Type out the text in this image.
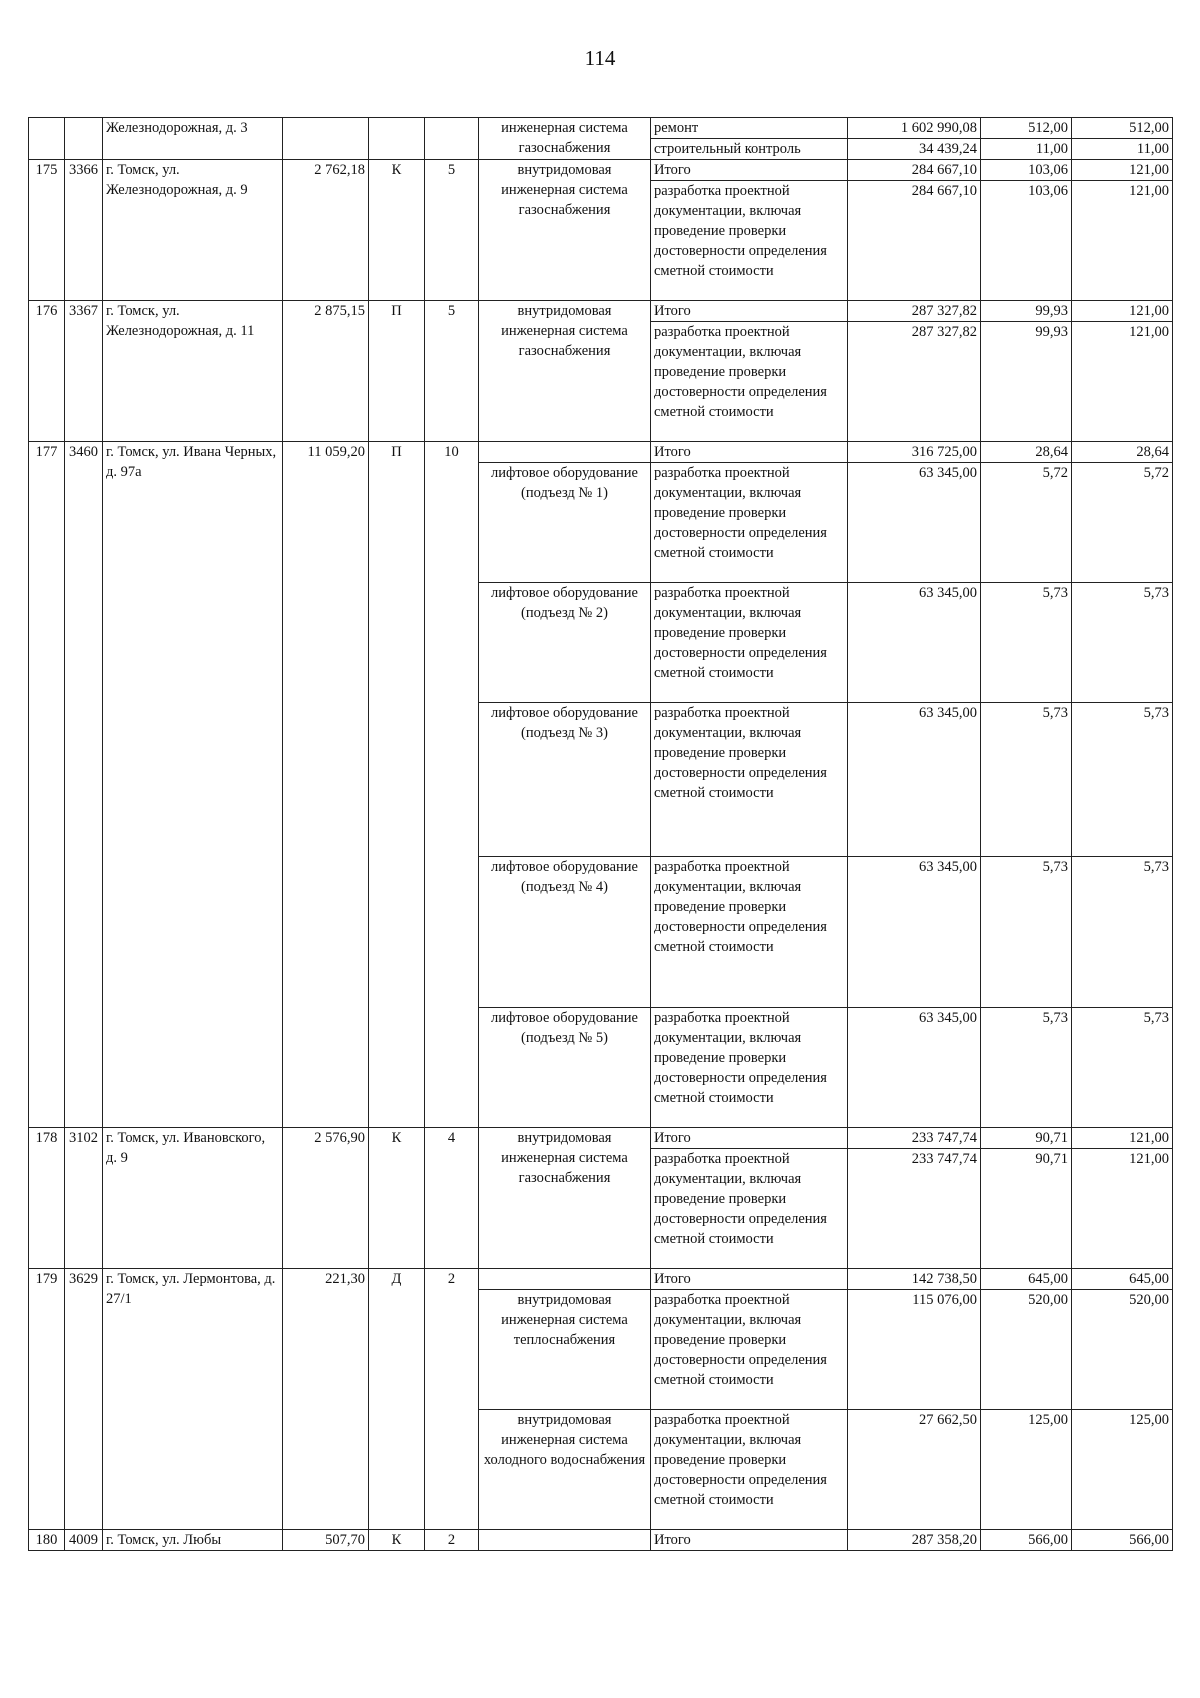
114
		Железнодорожная, д. 3				инженерная система газоснабжения	ремонт	1 602 990,08	512,00	512,00
							строительный контроль	34 439,24	11,00	11,00
175	3366	г. Томск, ул. Железнодорожная, д. 9	2 762,18	К	5	внутридомовая инженерная система газоснабжения	Итого	284 667,10	103,06	121,00
							разработка проектной документации, включая проведение проверки достоверности определения сметной стоимости	284 667,10	103,06	121,00
176	3367	г. Томск, ул. Железнодорожная, д. 11	2 875,15	П	5	внутридомовая инженерная система газоснабжения	Итого	287 327,82	99,93	121,00
							разработка проектной документации, включая проведение проверки достоверности определения сметной стоимости	287 327,82	99,93	121,00
177	3460	г. Томск, ул. Ивана Черных, д. 97а	11 059,20	П	10		Итого	316 725,00	28,64	28,64
						лифтовое оборудование (подъезд № 1)	разработка проектной документации, включая проведение проверки достоверности определения сметной стоимости	63 345,00	5,72	5,72
						лифтовое оборудование (подъезд № 2)	разработка проектной документации, включая проведение проверки достоверности определения сметной стоимости	63 345,00	5,73	5,73
						лифтовое оборудование (подъезд № 3)	разработка проектной документации, включая проведение проверки достоверности определения сметной стоимости	63 345,00	5,73	5,73
						лифтовое оборудование (подъезд № 4)	разработка проектной документации, включая проведение проверки достоверности определения сметной стоимости	63 345,00	5,73	5,73
						лифтовое оборудование (подъезд № 5)	разработка проектной документации, включая проведение проверки достоверности определения сметной стоимости	63 345,00	5,73	5,73
178	3102	г. Томск, ул. Ивановского, д. 9	2 576,90	К	4	внутридомовая инженерная система газоснабжения	Итого	233 747,74	90,71	121,00
							разработка проектной документации, включая проведение проверки достоверности определения сметной стоимости	233 747,74	90,71	121,00
179	3629	г. Томск, ул. Лермонтова, д. 27/1	221,30	Д	2		Итого	142 738,50	645,00	645,00
						внутридомовая инженерная система теплоснабжения	разработка проектной документации, включая проведение проверки достоверности определения сметной стоимости	115 076,00	520,00	520,00
						внутридомовая инженерная система холодного водоснабжения	разработка проектной документации, включая проведение проверки достоверности определения сметной стоимости	27 662,50	125,00	125,00
180	4009	г. Томск, ул. Любы	507,70	К	2		Итого	287 358,20	566,00	566,00
